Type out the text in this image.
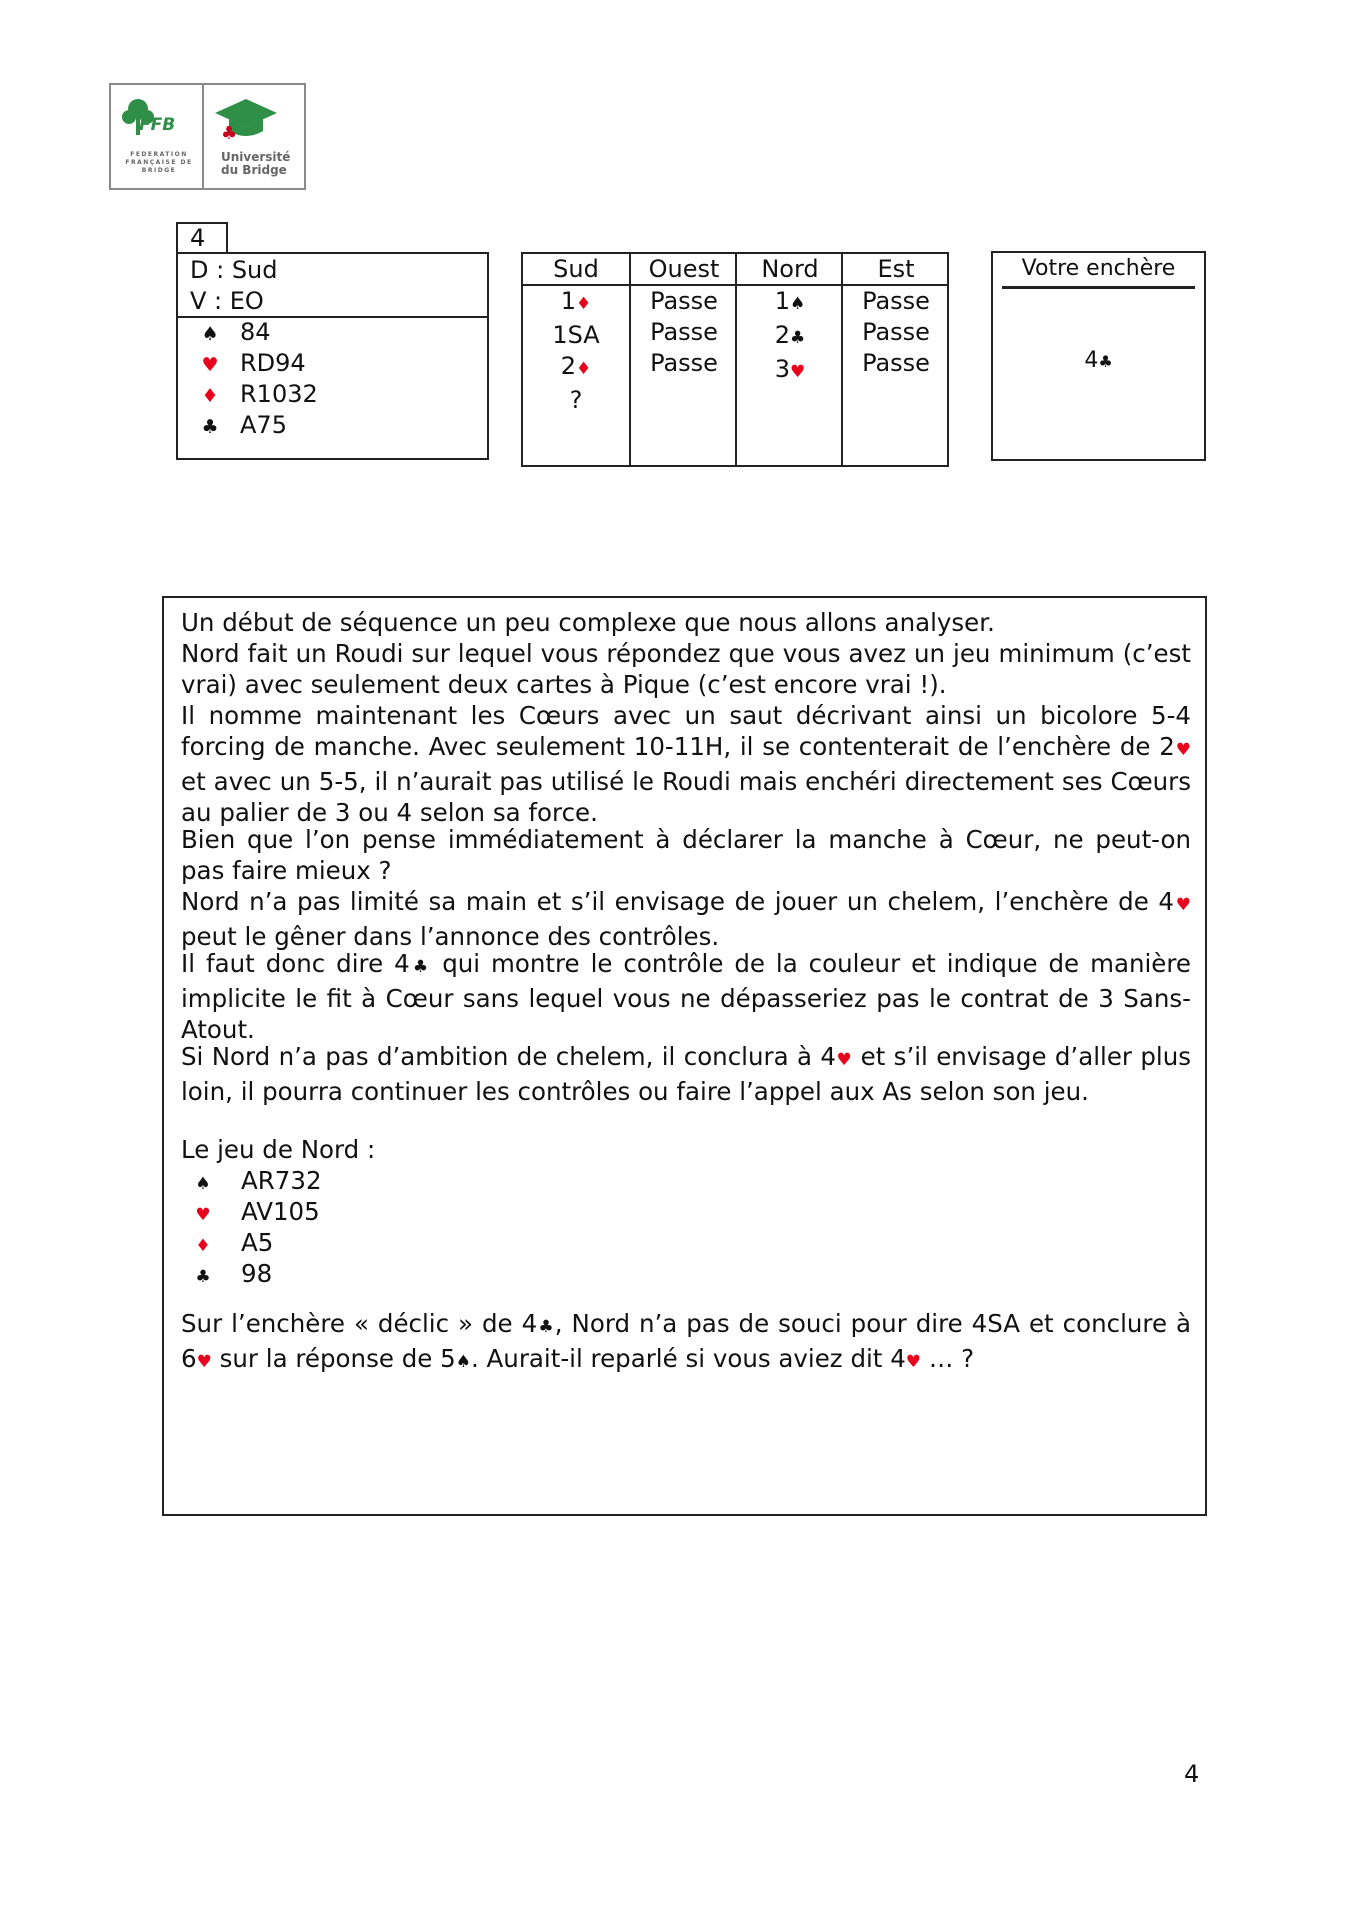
FFB
FEDERATION FRANÇAISE DE BRIDGE
♣
Université
du Bridge
4
D : Sud
V : EO
♠ 84
♥ RD94
♦ R1032
♣ A75
Sud
1♦
1SA
2♦
?
Ouest
Passe
Passe
Passe
Nord
1♠
2♣
3♥
Est
Passe
Passe
Passe
Votre enchère
4♣
Un début de séquence un peu complexe que nous allons analyser.
Nord fait un Roudi sur lequel vous répondez que vous avez un jeu minimum (c’est vrai) avec seulement deux cartes à Pique (c’est encore vrai !).
Il nomme maintenant les Cœurs avec un saut décrivant ainsi un bicolore 5-4 forcing de manche. Avec seulement 10-11H, il se contenterait de l’enchère de 2♥ et avec un 5-5, il n’aurait pas utilisé le Roudi mais enchéri directement ses Cœurs au palier de 3 ou 4 selon sa force.
Bien que l’on pense immédiatement à déclarer la manche à Cœur, ne peut-on pas faire mieux ?
Nord n’a pas limité sa main et s’il envisage de jouer un chelem, l’enchère de 4♥ peut le gêner dans l’annonce des contrôles.
Il faut donc dire 4♣ qui montre le contrôle de la couleur et indique de manière implicite le fit à Cœur sans lequel vous ne dépasseriez pas le contrat de 3 Sans-Atout.
Si Nord n’a pas d’ambition de chelem, il conclura à 4♥ et s’il envisage d’aller plus loin, il pourra continuer les contrôles ou faire l’appel aux As selon son jeu.
Le jeu de Nord :
♠ AR732
♥ AV105
♦ A5
♣ 98
Sur l’enchère « déclic » de 4♣, Nord n’a pas de souci pour dire 4SA et conclure à 6♥ sur la réponse de 5♠. Aurait-il reparlé si vous aviez dit 4♥ … ?
4
